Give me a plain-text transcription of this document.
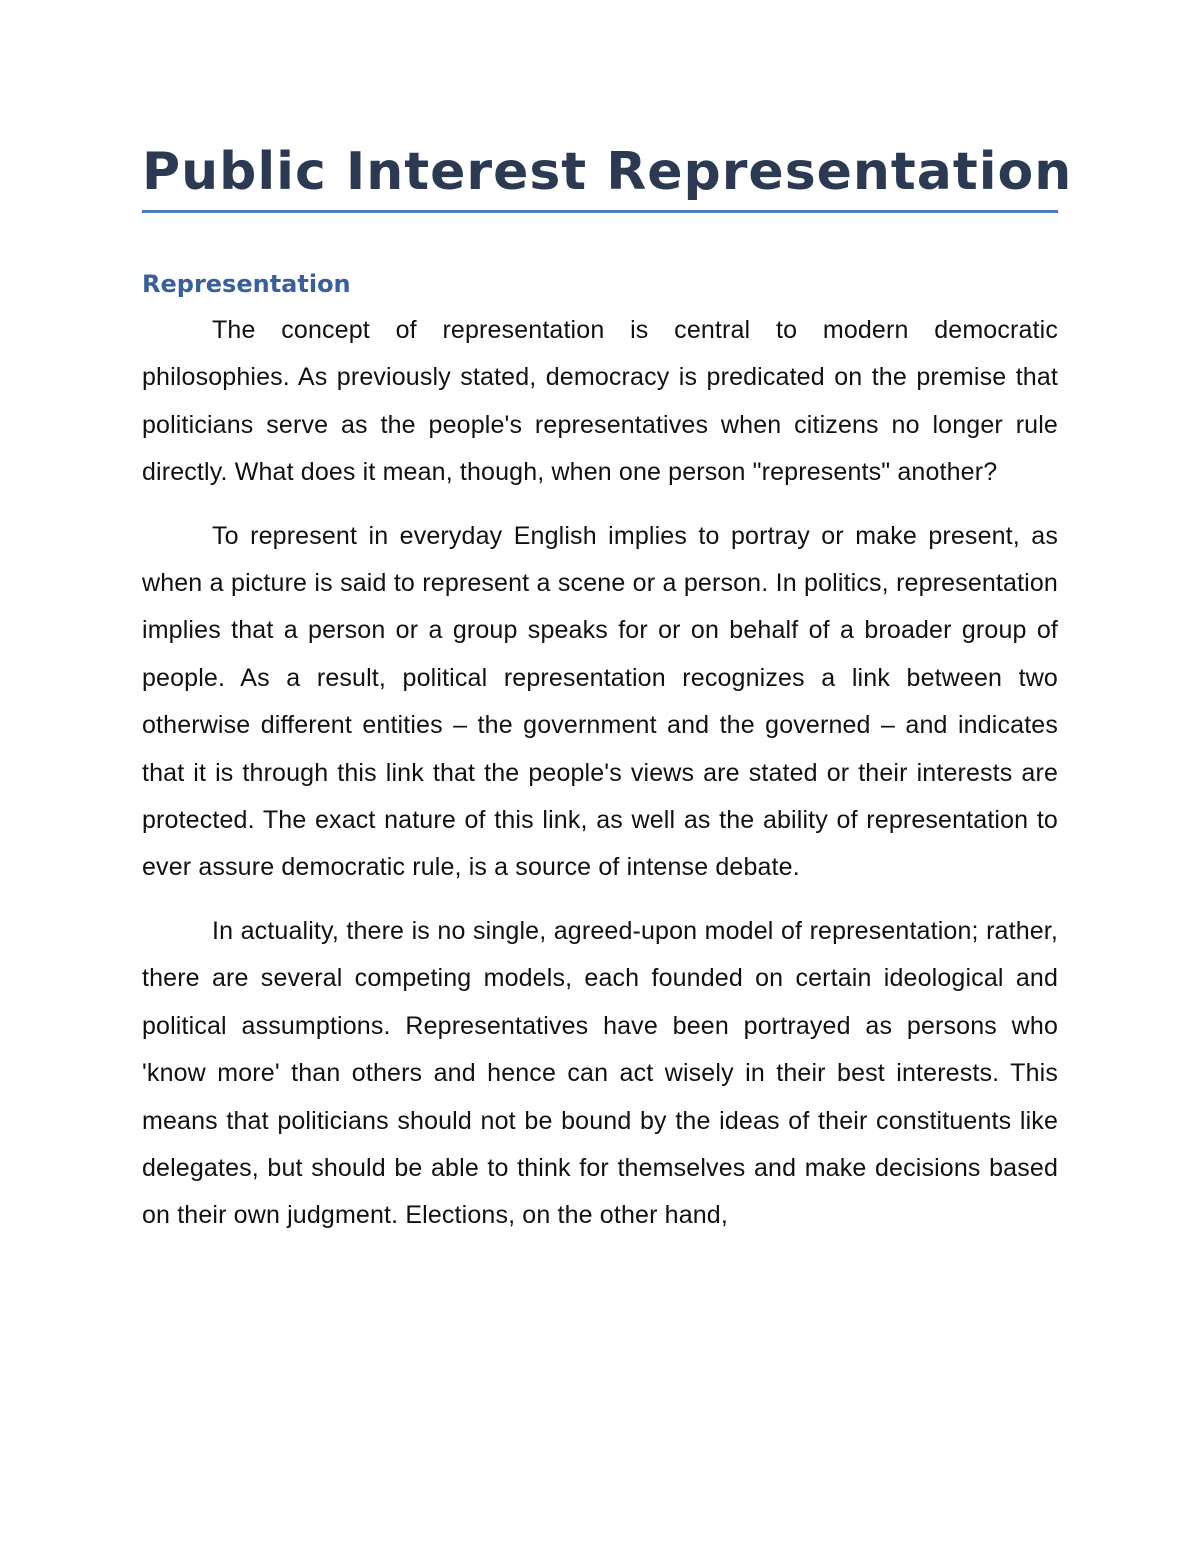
Public Interest Representation
Representation

The concept of representation is central to modern democratic philosophies. As previously stated, democracy is predicated on the premise that politicians serve as the people's representatives when citizens no longer rule directly. What does it mean, though, when one person "represents" another?

To represent in everyday English implies to portray or make present, as when a picture is said to represent a scene or a person. In politics, representation implies that a person or a group speaks for or on behalf of a broader group of people. As a result, political representation recognizes a link between two otherwise different entities – the government and the governed – and indicates that it is through this link that the people's views are stated or their interests are protected. The exact nature of this link, as well as the ability of representation to ever assure democratic rule, is a source of intense debate.

In actuality, there is no single, agreed-upon model of representation; rather, there are several competing models, each founded on certain ideological and political assumptions. Representatives have been portrayed as persons who 'know more' than others and hence can act wisely in their best interests. This means that politicians should not be bound by the ideas of their constituents like delegates, but should be able to think for themselves and make decisions based on their own judgment. Elections, on the other hand,
